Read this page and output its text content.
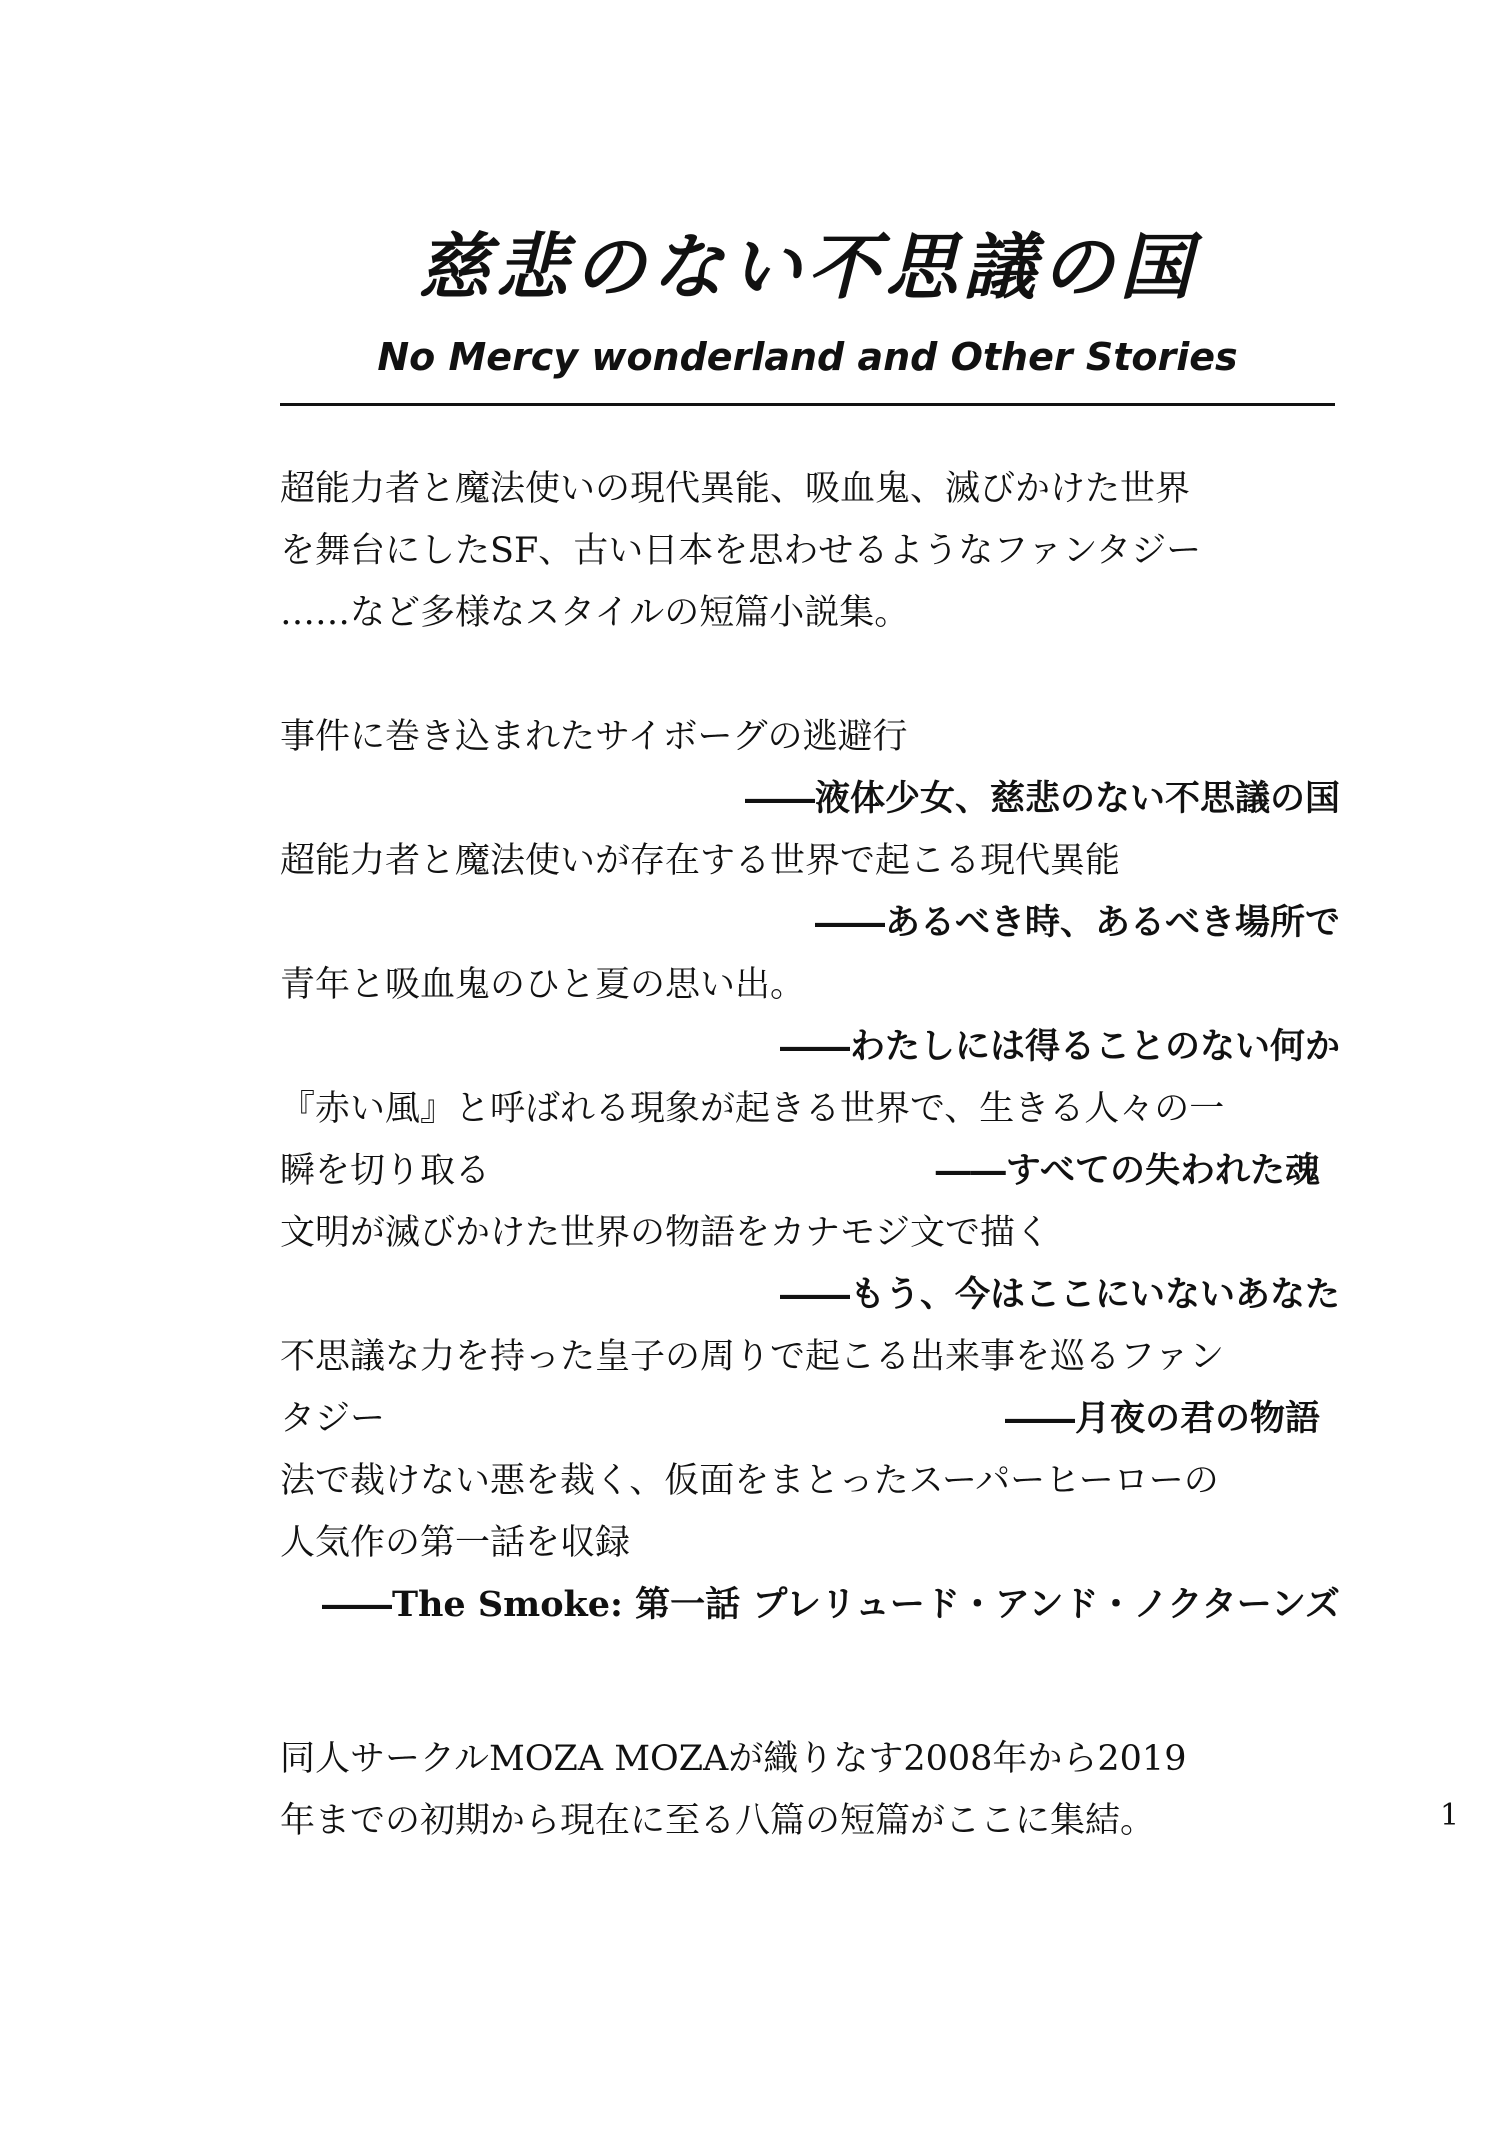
慈悲のない不思議の国
No Mercy wonderland and Other Stories
超能力者と魔法使いの現代異能、吸血鬼、滅びかけた世界
を舞台にしたSF、古い日本を思わせるようなファンタジー
……など多様なスタイルの短篇小説集。
事件に巻き込まれたサイボーグの逃避行
――液体少女、慈悲のない不思議の国
超能力者と魔法使いが存在する世界で起こる現代異能
――あるべき時、あるべき場所で
青年と吸血鬼のひと夏の思い出。
――わたしには得ることのない何か
『赤い風』と呼ばれる現象が起きる世界で、生きる人々の一
瞬を切り取る	――すべての失われた魂
文明が滅びかけた世界の物語をカナモジ文で描く
――もう、今はここにいないあなた
不思議な力を持った皇子の周りで起こる出来事を巡るファン
タジー	――月夜の君の物語
法で裁けない悪を裁く、仮面をまとったスーパーヒーローの
人気作の第一話を収録
――The Smoke: 第一話 プレリュード・アンド・ノクターンズ
同人サークルMOZA MOZAが織りなす2008年から2019
年までの初期から現在に至る八篇の短篇がここに集結。	1
